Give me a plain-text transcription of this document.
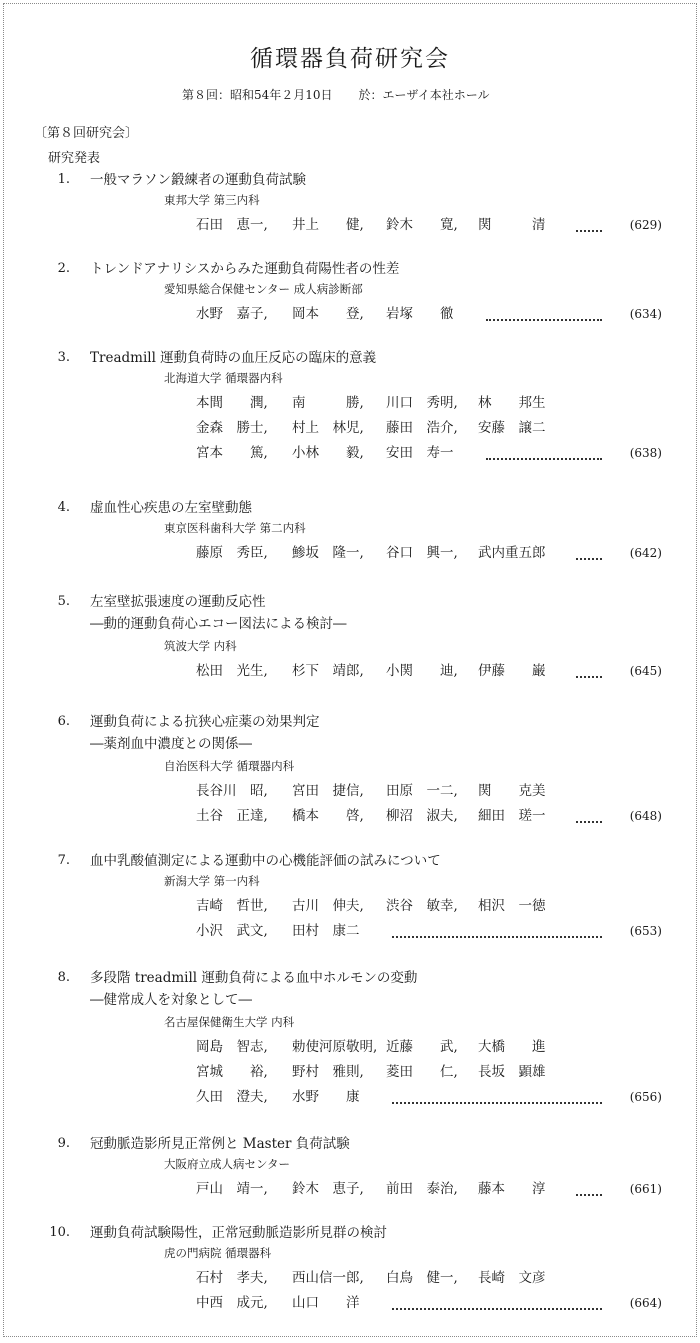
循環器負荷研究会
第８回：昭和54年２月10日 於：エーザイ本社ホール
〔第８回研究会〕
研究発表
1. 一般マラソン鍛練者の運動負荷試験
東邦大学 第三内科
石田　恵一, 井上　　健, 鈴木　　寛, 関　　　清	(629)
2. トレンドアナリシスからみた運動負荷陽性者の性差
愛知県総合保健センター 成人病診断部
水野　嘉子, 岡本　　登, 岩塚　　徹	(634)
3. Treadmill 運動負荷時の血圧反応の臨床的意義
北海道大学 循環器内科
本間　　潤, 南　　　勝, 川口　秀明, 林　　邦生
金森　勝士, 村上　林児, 藤田　浩介, 安藤　譲二
宮本　　篤, 小林　　毅, 安田　寿一	(638)
4. 虚血性心疾患の左室壁動態
東京医科歯科大学 第二内科
藤原　秀臣, 鯵坂　隆一, 谷口　興一, 武内重五郎	(642)
5. 左室壁拡張速度の運動反応性
―動的運動負荷心エコー図法による検討―
筑波大学 内科
松田　光生, 杉下　靖郎, 小関　　迪, 伊藤　　巌	(645)
6. 運動負荷による抗狭心症薬の効果判定
―薬剤血中濃度との関係―
自治医科大学 循環器内科
長谷川　昭, 宮田　捷信, 田原　一二, 関　　克美
土谷　正達, 橋本　　啓, 柳沼　淑夫, 細田　瑳一	(648)
7. 血中乳酸値測定による運動中の心機能評価の試みについて
新潟大学 第一内科
吉崎　哲世, 古川　伸夫, 渋谷　敏幸, 相沢　一徳
小沢　武文, 田村　康二	(653)
8. 多段階 treadmill 運動負荷による血中ホルモンの変動
―健常成人を対象として―
名古屋保健衛生大学 内科
岡島　智志, 勅使河原敬明, 近藤　　武, 大橋　　進
宮城　　裕, 野村　雅則, 菱田　　仁, 長坂　顕雄
久田　澄夫, 水野　　康	(656)
9. 冠動脈造影所見正常例と Master 負荷試験
大阪府立成人病センター
戸山　靖一, 鈴木　恵子, 前田　泰治, 藤本　　淳	(661)
10. 運動負荷試験陽性，正常冠動脈造影所見群の検討
虎の門病院 循環器科
石村　孝夫, 西山信一郎, 白鳥　健一, 長崎　文彦
中西　成元, 山口　　洋	(664)
